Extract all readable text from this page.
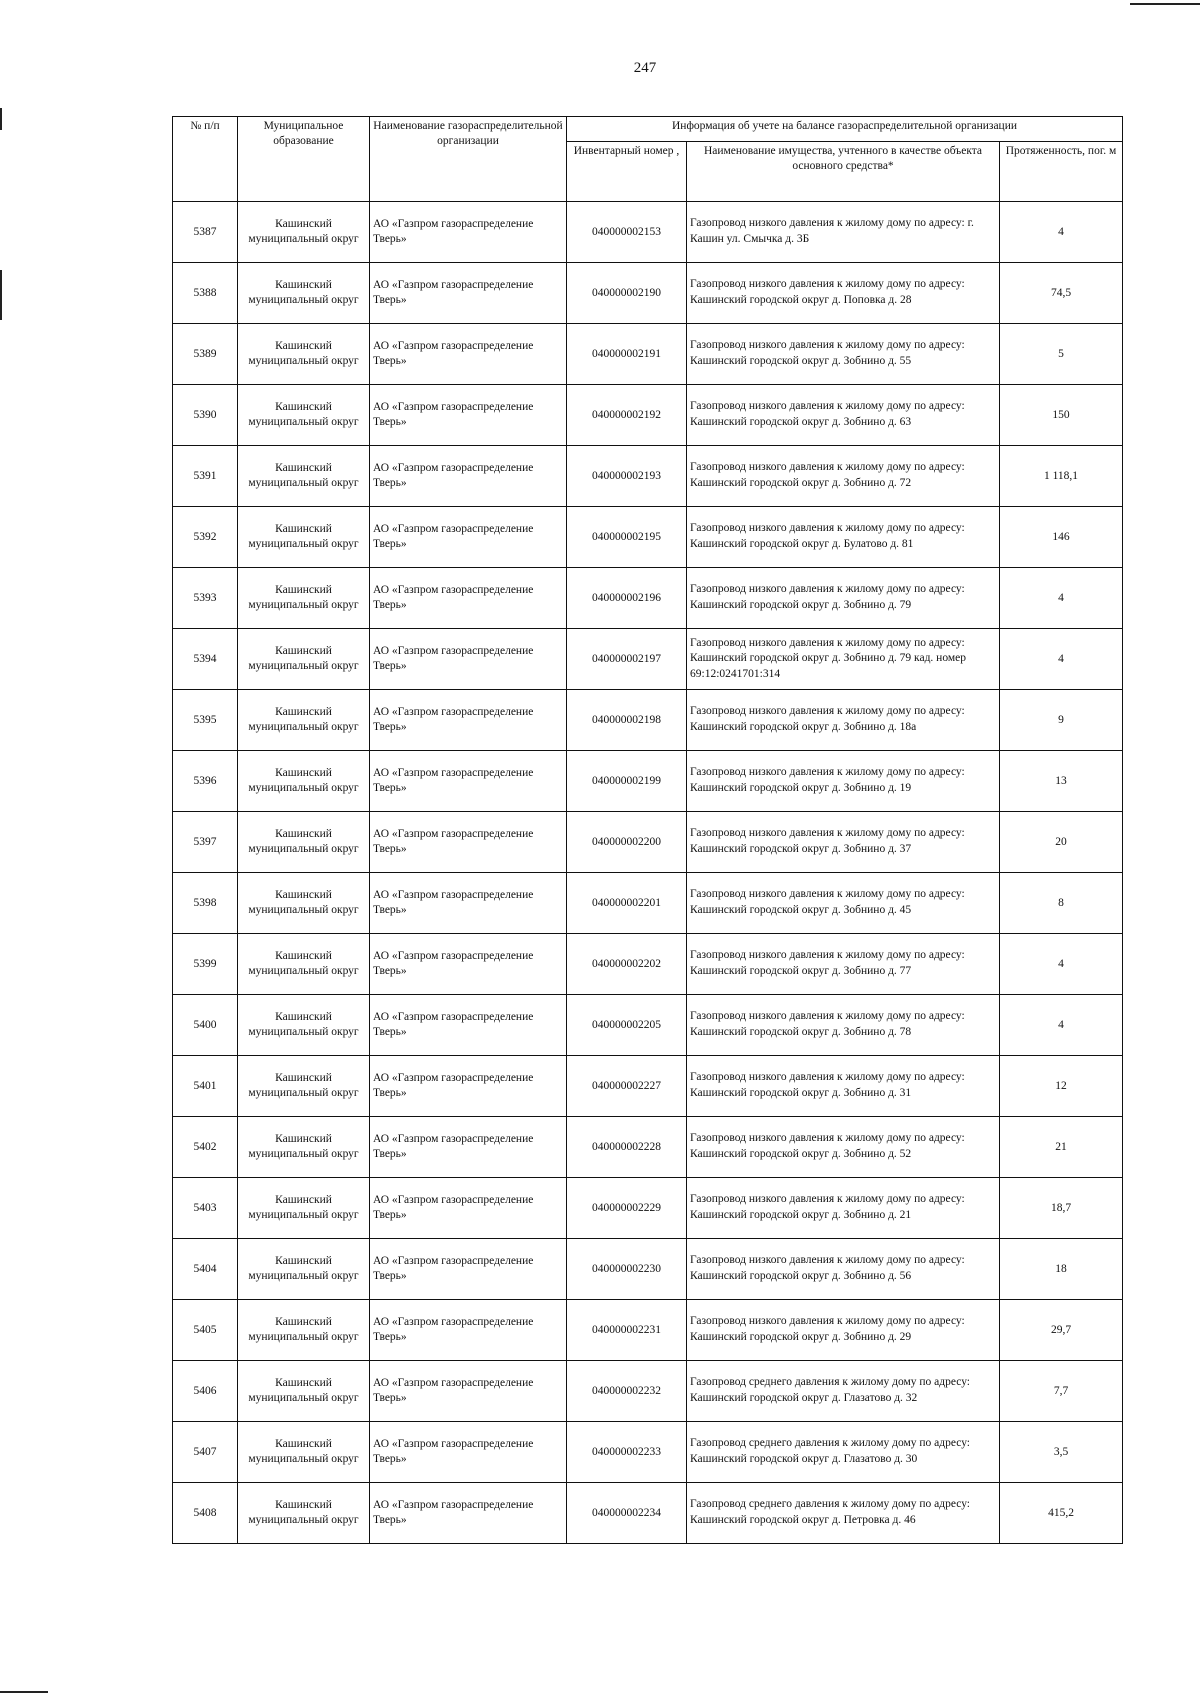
247
№ п/п	Муниципальное образование	Наименование газораспределительной организации	Информация об учете на балансе газораспределительной организации		
			Инвентарный номер ,	Наименование имущества, учтенного в качестве объекта основного средства*	Протяженность, пог. м
5387	Кашинский муниципальный округ	АО «Газпром газораспределение Тверь»	040000002153	Газопровод низкого давления к жилому дому по адресу: г. Кашин ул. Смычка д. 3Б	4
5388	Кашинский муниципальный округ	АО «Газпром газораспределение Тверь»	040000002190	Газопровод низкого давления к жилому дому по адресу: Кашинский городской округ д. Поповка д. 28	74,5
5389	Кашинский муниципальный округ	АО «Газпром газораспределение Тверь»	040000002191	Газопровод низкого давления к жилому дому по адресу: Кашинский городской округ д. Зобнино д. 55	5
5390	Кашинский муниципальный округ	АО «Газпром газораспределение Тверь»	040000002192	Газопровод низкого давления к жилому дому по адресу: Кашинский городской округ д. Зобнино д. 63	150
5391	Кашинский муниципальный округ	АО «Газпром газораспределение Тверь»	040000002193	Газопровод низкого давления к жилому дому по адресу: Кашинский городской округ д. Зобнино д. 72	1 118,1
5392	Кашинский муниципальный округ	АО «Газпром газораспределение Тверь»	040000002195	Газопровод низкого давления к жилому дому по адресу: Кашинский городской округ д. Булатово д. 81	146
5393	Кашинский муниципальный округ	АО «Газпром газораспределение Тверь»	040000002196	Газопровод низкого давления к жилому дому по адресу: Кашинский городской округ д. Зобнино д. 79	4
5394	Кашинский муниципальный округ	АО «Газпром газораспределение Тверь»	040000002197	Газопровод низкого давления к жилому дому по адресу: Кашинский городской округ д. Зобнино д. 79 кад. номер 69:12:0241701:314	4
5395	Кашинский муниципальный округ	АО «Газпром газораспределение Тверь»	040000002198	Газопровод низкого давления к жилому дому по адресу: Кашинский городской округ д. Зобнино д. 18а	9
5396	Кашинский муниципальный округ	АО «Газпром газораспределение Тверь»	040000002199	Газопровод низкого давления к жилому дому по адресу: Кашинский городской округ д. Зобнино д. 19	13
5397	Кашинский муниципальный округ	АО «Газпром газораспределение Тверь»	040000002200	Газопровод низкого давления к жилому дому по адресу: Кашинский городской округ д. Зобнино д. 37	20
5398	Кашинский муниципальный округ	АО «Газпром газораспределение Тверь»	040000002201	Газопровод низкого давления к жилому дому по адресу: Кашинский городской округ д. Зобнино д. 45	8
5399	Кашинский муниципальный округ	АО «Газпром газораспределение Тверь»	040000002202	Газопровод низкого давления к жилому дому по адресу: Кашинский городской округ д. Зобнино д. 77	4
5400	Кашинский муниципальный округ	АО «Газпром газораспределение Тверь»	040000002205	Газопровод низкого давления к жилому дому по адресу: Кашинский городской округ д. Зобнино д. 78	4
5401	Кашинский муниципальный округ	АО «Газпром газораспределение Тверь»	040000002227	Газопровод низкого давления к жилому дому по адресу: Кашинский городской округ д. Зобнино д. 31	12
5402	Кашинский муниципальный округ	АО «Газпром газораспределение Тверь»	040000002228	Газопровод низкого давления к жилому дому по адресу: Кашинский городской округ д. Зобнино д. 52	21
5403	Кашинский муниципальный округ	АО «Газпром газораспределение Тверь»	040000002229	Газопровод низкого давления к жилому дому по адресу: Кашинский городской округ д. Зобнино д. 21	18,7
5404	Кашинский муниципальный округ	АО «Газпром газораспределение Тверь»	040000002230	Газопровод низкого давления к жилому дому по адресу: Кашинский городской округ д. Зобнино д. 56	18
5405	Кашинский муниципальный округ	АО «Газпром газораспределение Тверь»	040000002231	Газопровод низкого давления к жилому дому по адресу: Кашинский городской округ д. Зобнино д. 29	29,7
5406	Кашинский муниципальный округ	АО «Газпром газораспределение Тверь»	040000002232	Газопровод среднего давления к жилому дому по адресу: Кашинский городской округ д. Глазатово д. 32	7,7
5407	Кашинский муниципальный округ	АО «Газпром газораспределение Тверь»	040000002233	Газопровод среднего давления к жилому дому по адресу: Кашинский городской округ д. Глазатово д. 30	3,5
5408	Кашинский муниципальный округ	АО «Газпром газораспределение Тверь»	040000002234	Газопровод среднего давления к жилому дому по адресу: Кашинский городской округ д. Петровка д. 46	415,2
